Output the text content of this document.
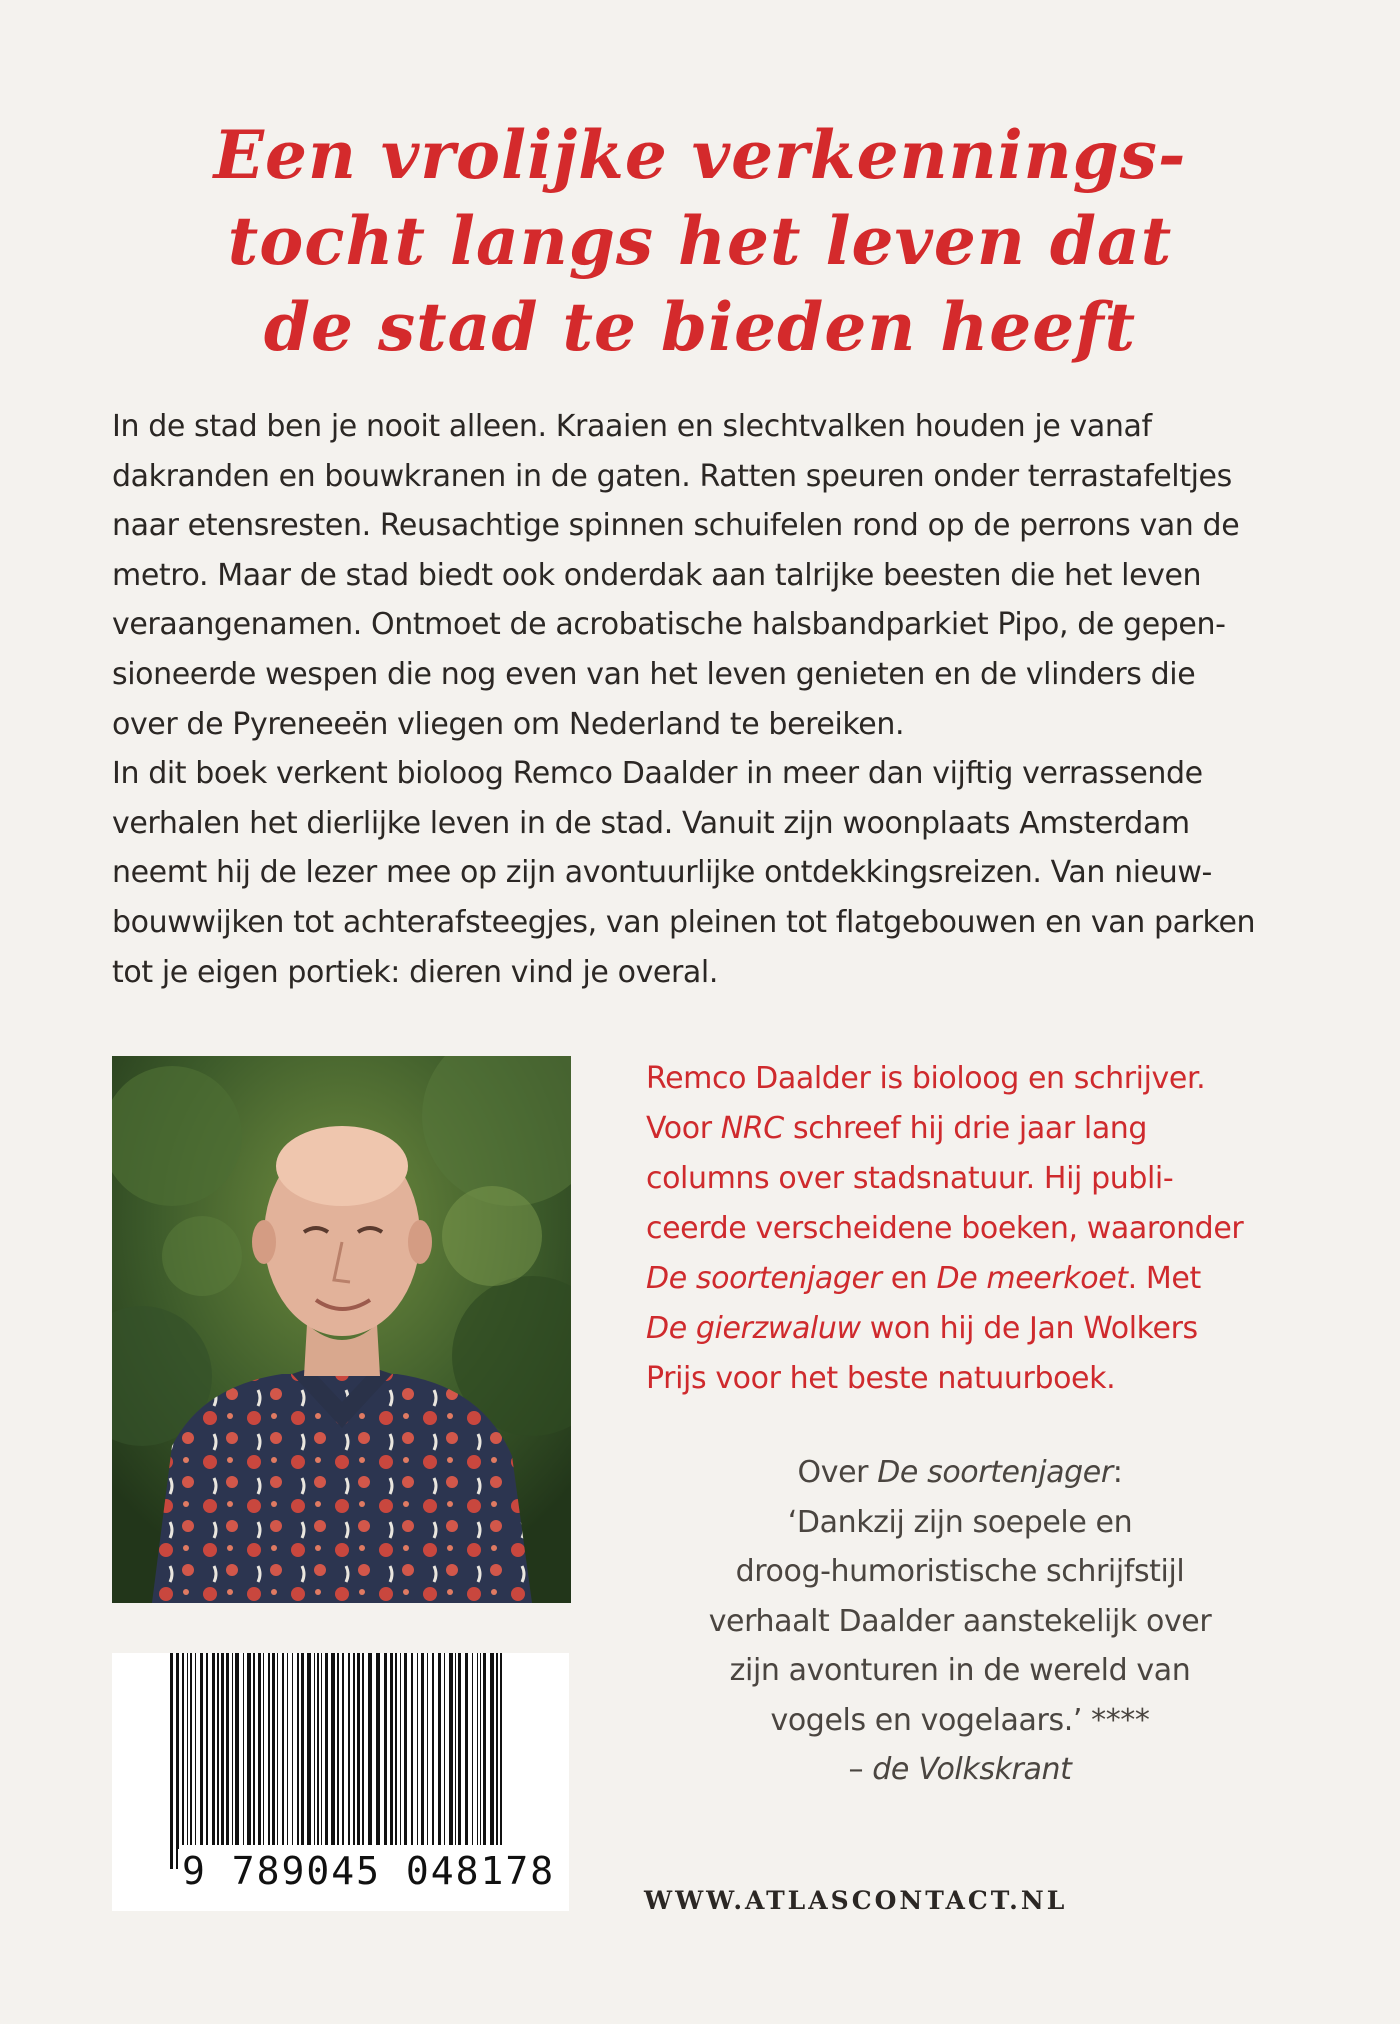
Een vrolijke verkennings-
tocht langs het leven dat
de stad te bieden heeft
In de stad ben je nooit alleen. Kraaien en slechtvalken houden je vanaf
dakranden en bouwkranen in de gaten. Ratten speuren onder terrastafeltjes
naar etensresten. Reusachtige spinnen schuifelen rond op de perrons van de
metro. Maar de stad biedt ook onderdak aan talrijke beesten die het leven
veraangenamen. Ontmoet de acrobatische halsbandparkiet Pipo, de gepen-
sioneerde wespen die nog even van het leven genieten en de vlinders die
over de Pyreneeën vliegen om Nederland te bereiken.
In dit boek verkent bioloog Remco Daalder in meer dan vijftig verrassende
verhalen het dierlijke leven in de stad. Vanuit zijn woonplaats Amsterdam
neemt hij de lezer mee op zijn avontuurlijke ontdekkingsreizen. Van nieuw-
bouwwijken tot achterafsteegjes, van pleinen tot flatgebouwen en van parken
tot je eigen portiek: dieren vind je overal.
Remco Daalder is bioloog en schrijver.
Voor NRC schreef hij drie jaar lang
columns over stadsnatuur. Hij publi-
ceerde verscheidene boeken, waaronder
De soortenjager en De meerkoet. Met
De gierzwaluw won hij de Jan Wolkers
Prijs voor het beste natuurboek.
Over De soortenjager:
‘Dankzij zijn soepele en
droog-humoristische schrijfstijl
verhaalt Daalder aanstekelijk over
zijn avonturen in de wereld van
vogels en vogelaars.’ ****
– de Volkskrant
9 789045 048178
WWW.ATLASCONTACT.NL
